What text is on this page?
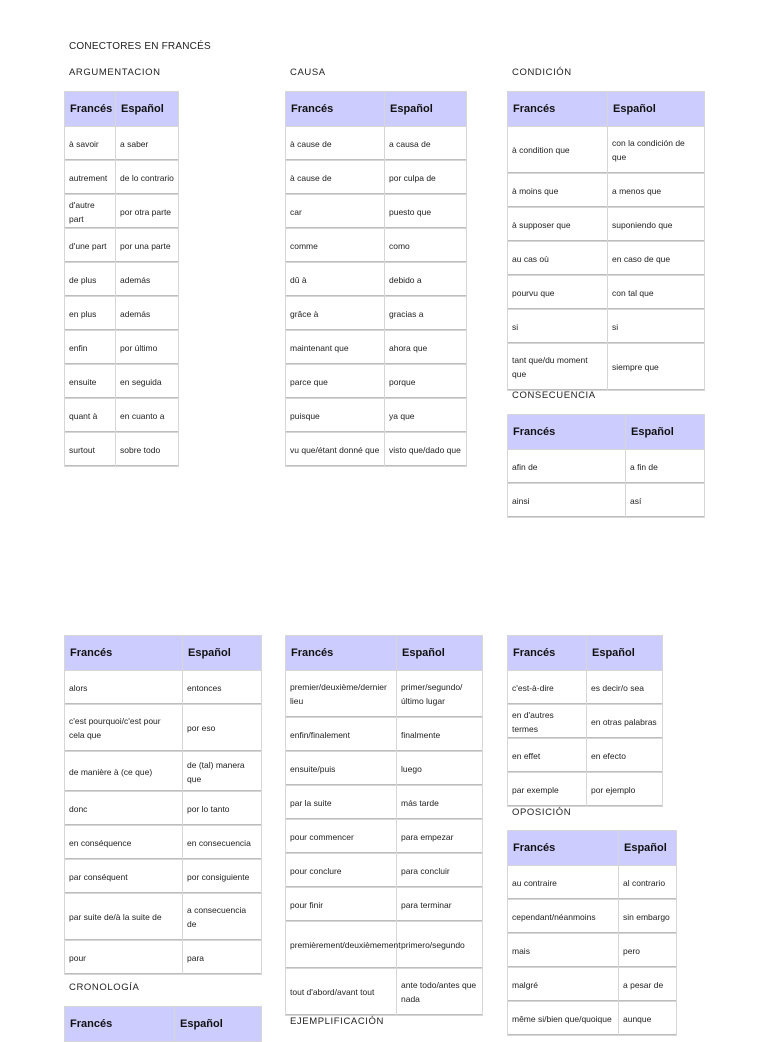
CONECTORES EN FRANCÉS
ARGUMENTACION
Francés	Español
à savoir	a saber
autrement	de lo contrario
d'autre part	por otra parte
d'une part	por una parte
de plus	además
en plus	además
enfin	por último
ensuite	en seguida
quant à	en cuanto a
surtout	sobre todo
CAUSA
Francés	Español
à cause de	a causa de
à cause de	por culpa de
car	puesto que
comme	como
dû à	debido a
grâce à	gracias a
maintenant que	ahora que
parce que	porque
puisque	ya que
vu que/étant donné que	visto que/dado que
CONDICIÓN
Francés	Español
à condition que	con la condición de que
à moins que	a menos que
à supposer que	suponiendo que
au cas où	en caso de que
pourvu que	con tal que
si	si
tant que/du moment que	siempre que
CONSECUENCIA
Francés	Español
afin de	a fin de
ainsi	así
Francés	Español
alors	entonces
c'est pourquoi/c'est pour cela que	por eso
de manière à (ce que)	de (tal) manera que
donc	por lo tanto
en conséquence	en consecuencia
par conséquent	por consiguiente
par suite de/à la suite de	a consecuencia de
pour	para
CRONOLOGÍA
Francés	Español
Francés	Español
premier/deuxième/dernier lieu	primer/segundo/último lugar
enfin/finalement	finalmente
ensuite/puis	luego
par la suite	más tarde
pour commencer	para empezar
pour conclure	para concluir
pour finir	para terminar
premièrement/deuxièmement	primero/segundo
tout d'abord/avant tout	ante todo/antes que nada
EJEMPLIFICACIÓN
Francés	Español
c'est-à-dire	es decir/o sea
en d'autres termes	en otras palabras
en effet	en efecto
par exemple	por ejemplo
OPOSICIÓN
Francés	Español
au contraire	al contrario
cependant/néanmoins	sin embargo
mais	pero
malgré	a pesar de
même si/bien que/quoique	aunque
